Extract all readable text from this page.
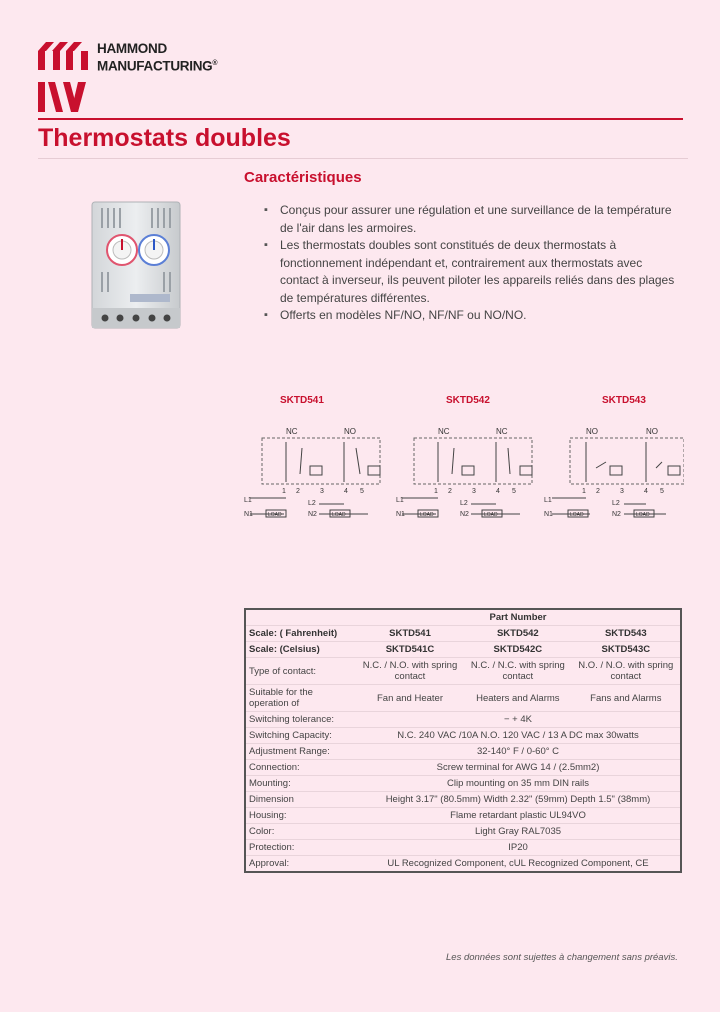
HAMMOND
MANUFACTURING®
Thermostats doubles
Caractéristiques
▪ Conçus pour assurer une régulation et une surveillance de la température de l'air dans les armoires.
▪ Les thermostats doubles sont constitués de deux thermostats à fonctionnement indépendant et, contrairement aux thermostats avec contact à inverseur, ils peuvent piloter les appareils reliés dans des plages de températures différentes.
▪ Offerts en modèles NF/NO, NF/NF ou NO/NO.
SKTD541	SKTD542	SKTD543
NC	NO
1 2	3	4 5
L1
N1
L2
N2
LOAD	LOAD
NC	NC
1 2	3	4 5
L1
N1
L2
N2
LOAD	LOAD
NO	NO
1 2	3	4 5
L1
N1
L2
N2
LOAD	LOAD
	Part Number		
Scale: ( Fahrenheit)	SKTD541	SKTD542	SKTD543
Scale: (Celsius)	SKTD541C	SKTD542C	SKTD543C
Type of contact:	N.C. / N.O. with spring contact	N.C. / N.C. with spring contact	N.O. / N.O. with spring contact
Suitable for the operation of	Fan and Heater	Heaters and Alarms	Fans and Alarms
Switching tolerance:	− + 4K		
Switching Capacity:	N.C. 240 VAC /10A N.O. 120 VAC / 13 A DC max 30watts		
Adjustment Range:	32-140° F / 0-60° C		
Connection:	Screw terminal for AWG 14 / (2.5mm2)		
Mounting:	Clip mounting on 35 mm DIN rails		
Dimension	Height 3.17" (80.5mm) Width 2.32" (59mm) Depth 1.5" (38mm)		
Housing:	Flame retardant plastic UL94VO		
Color:	Light Gray RAL7035		
Protection:	IP20		
Approval:	UL Recognized Component, cUL Recognized Component, CE		
Les données sont sujettes à changement sans préavis.
